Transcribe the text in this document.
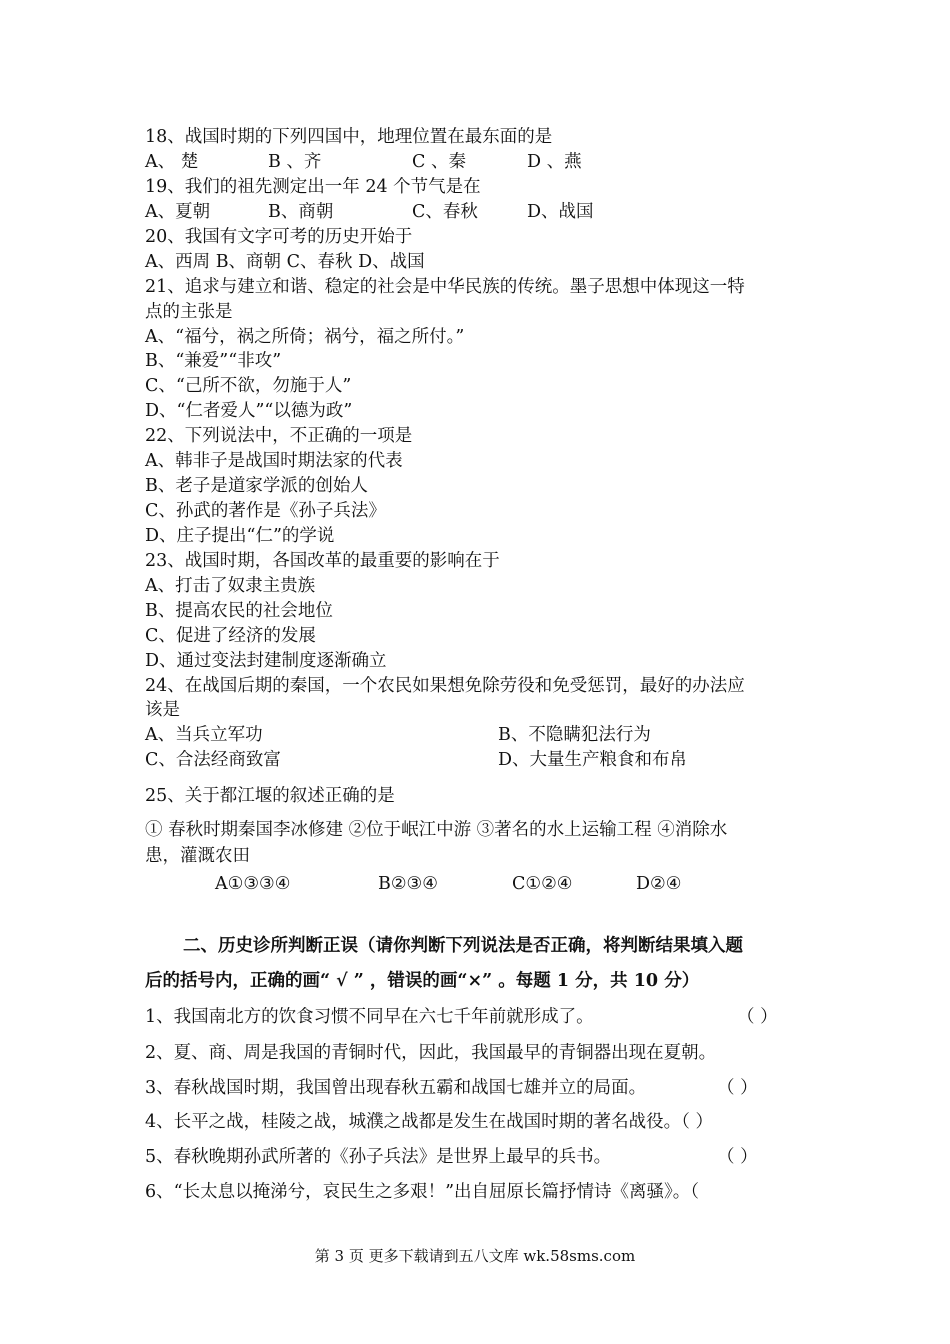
18、战国时期的下列四国中，地理位置在最东面的是
A、 楚	B 、齐	C 、秦	D 、燕
19、我们的祖先测定出一年 24 个节气是在
A、夏朝	B、商朝	C、春秋	D、战国
20、我国有文字可考的历史开始于
A、西周 B、商朝 C、春秋 D、战国
21、追求与建立和谐、稳定的社会是中华民族的传统。墨子思想中体现这一特
点的主张是
A、“福兮，祸之所倚；祸兮，福之所付。”
B、“兼爱”“非攻”
C、“己所不欲，勿施于人”
D、“仁者爱人”“以德为政”
22、下列说法中，不正确的一项是
A、韩非子是战国时期法家的代表
B、老子是道家学派的创始人
C、孙武的著作是《孙子兵法》
D、庄子提出“仁”的学说
23、战国时期，各国改革的最重要的影响在于
A、打击了奴隶主贵族
B、提高农民的社会地位
C、促进了经济的发展
D、通过变法封建制度逐渐确立
24、在战国后期的秦国，一个农民如果想免除劳役和免受惩罚，最好的办法应
该是
A、当兵立军功	B、不隐瞒犯法行为
C、合法经商致富	D、大量生产粮食和布帛
25、关于都江堰的叙述正确的是
① 春秋时期秦国李冰修建 ②位于岷江中游 ③著名的水上运输工程 ④消除水
患，灌溉农田
A①③③④	B②③④	C①②④	D②④
二、历史诊所判断正误（请你判断下列说法是否正确，将判断结果填入题
后的括号内，正确的画“ √ ” ，错误的画“×” 。每题 1 分，共 10 分）
1、我国南北方的饮食习惯不同早在六七千年前就形成了。	（ ）
2、夏、商、周是我国的青铜时代，因此，我国最早的青铜器出现在夏朝。
3、春秋战国时期，我国曾出现春秋五霸和战国七雄并立的局面。	（ ）
4、长平之战，桂陵之战，城濮之战都是发生在战国时期的著名战役。（ ）
5、春秋晚期孙武所著的《孙子兵法》是世界上最早的兵书。	（ ）
6、“长太息以掩涕兮，哀民生之多艰！”出自屈原长篇抒情诗《离骚》。（
第 3 页 更多下载请到五八文库 wk.58sms.com
